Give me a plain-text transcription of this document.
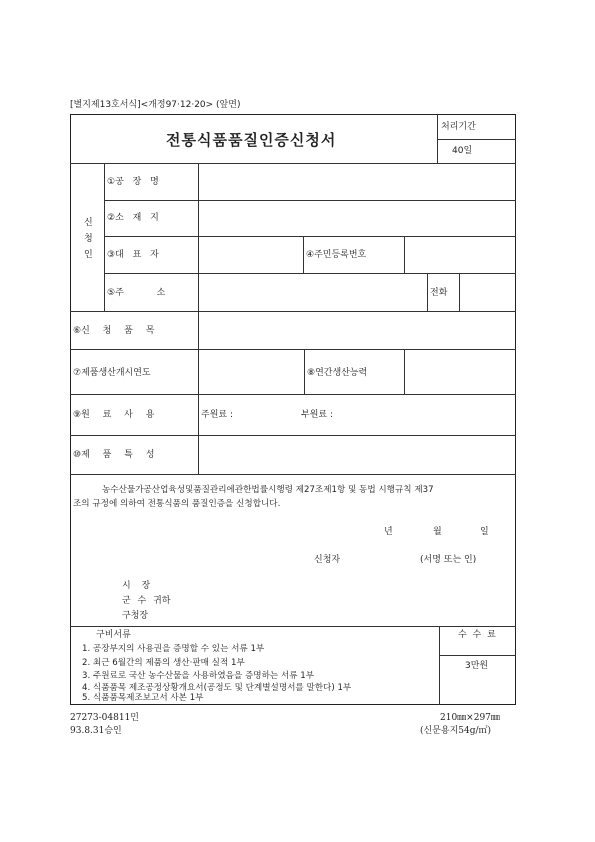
[별지제13호서식]<개정97·12·20> (앞면)
전통식품품질인증신청서
처리기간
40일
신
청
인
①공 장 명
②소 재 지
③대 표 자	④주민등록번호
⑤주 소	전화
⑥신 청 품 목
⑦제품생산개시연도	⑧연간생산능력
⑨원 료 사 용	주원료 :	부원료 :
⑩제 품 특 성
농수산물가공산업육성및품질관리에관한법률시행령 제27조제1항 및 동법 시행규칙 제37
조의 규정에 의하여 전통식품의 품질인증을 신청합니다.
년	월	일
신청자	(서명 또는 인)
시 장
군 수 귀하
구청장
구비서류
1. 공장부지의 사용권을 증명할 수 있는 서류 1부
2. 최근 6월간의 제품의 생산·판매 실적 1부
3. 주원료로 국산 농수산물을 사용하였음을 증명하는 서류 1부
4. 식품품목 제조공정상황개요서(공정도 및 단계별설명서를 말한다) 1부
5. 식품품목제조보고서 사본 1부
수 수 료
3만원
27273-04811민
93.8.31승인
210㎜×297㎜
(신문용지54g/㎡)
